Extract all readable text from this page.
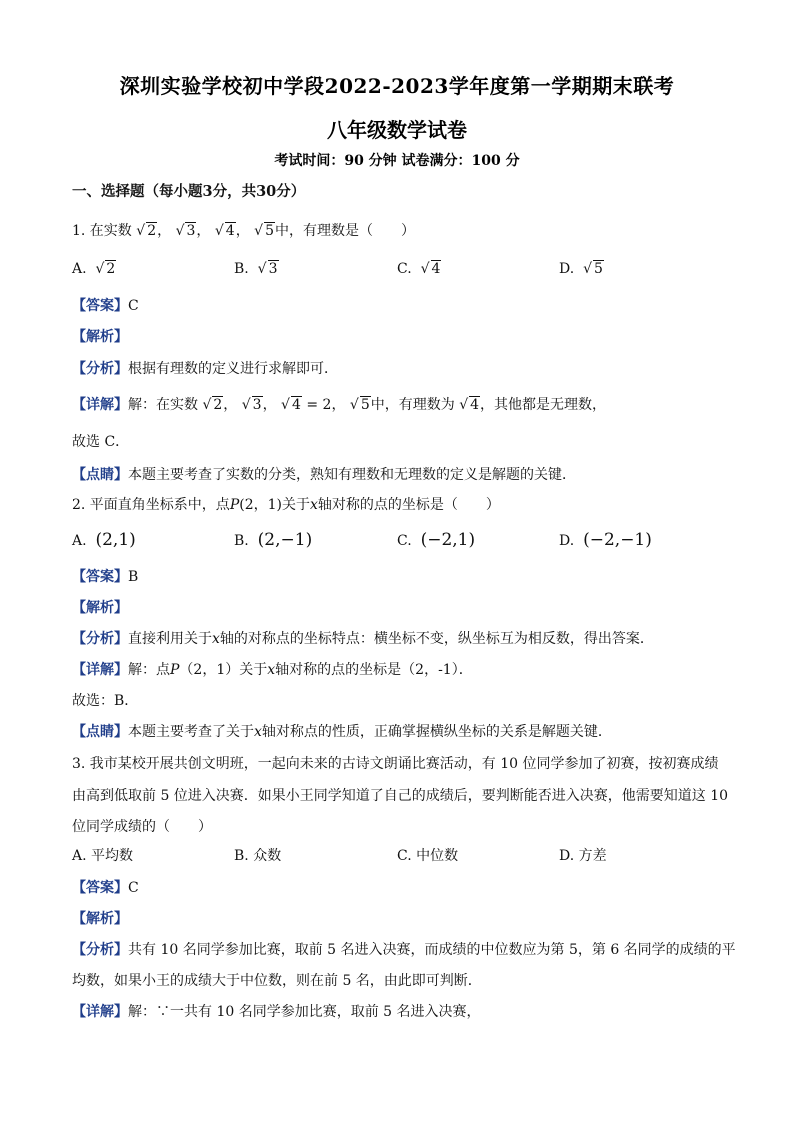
深圳实验学校初中学段2022-2023学年度第一学期期末联考
八年级数学试卷
考试时间：90 分钟 试卷满分：100 分
一、选择题（每小题3分，共30分）
1. 在实数 √ 2， √ 3， √ 4， √ 5中，有理数是（　　）
A. √ 2	B. √ 3	C. √ 4	D. √ 5
【答案】C
【解析】
【分析】根据有理数的定义进行求解即可．
【详解】解：在实数 √ 2， √ 3， √ 4 = 2， √ 5中，有理数为 √ 4，其他都是无理数，
故选 C．
【点睛】本题主要考查了实数的分类，熟知有理数和无理数的定义是解题的关键．
2. 平面直角坐标系中，点P(2，1)关于x轴对称的点的坐标是（　　）
A. (2,1)	B. (2,−1)	C. (−2,1)	D. (−2,−1)
【答案】B
【解析】
【分析】直接利用关于x轴的对称点的坐标特点：横坐标不变，纵坐标互为相反数，得出答案．
【详解】解：点P（2，1）关于x轴对称的点的坐标是（2，-1）．
故选：B．
【点睛】本题主要考查了关于x轴对称点的性质，正确掌握横纵坐标的关系是解题关键．
3. 我市某校开展共创文明班，一起向未来的古诗文朗诵比赛活动，有 10 位同学参加了初赛，按初赛成绩
由高到低取前 5 位进入决赛．如果小王同学知道了自己的成绩后，要判断能否进入决赛，他需要知道这 10
位同学成绩的（　　）
A. 平均数	B. 众数	C. 中位数	D. 方差
【答案】C
【解析】
【分析】共有 10 名同学参加比赛，取前 5 名进入决赛，而成绩的中位数应为第 5，第 6 名同学的成绩的平
均数，如果小王的成绩大于中位数，则在前 5 名，由此即可判断．
【详解】解：∵一共有 10 名同学参加比赛，取前 5 名进入决赛，
